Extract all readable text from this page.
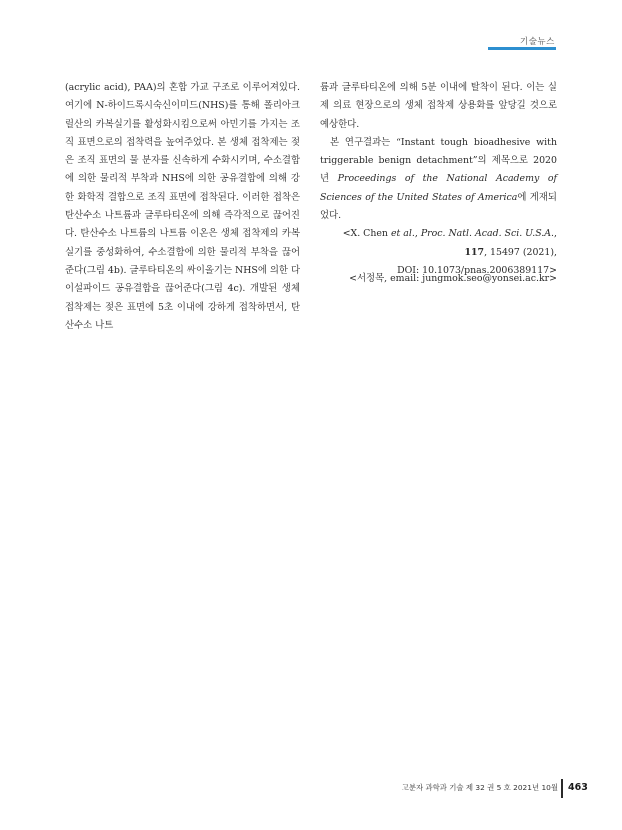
기술뉴스

(acrylic acid), PAA)의 혼합 가교 구조로 이루어져있다. 여기에 N-하이드록시숙신이미드(NHS)를 통해 폴리아크릴산의 카복실기를 활성화시킴으로써 아민기를 가지는 조직 표면으로의 접착력을 높여주었다. 본 생체 접착제는 젖은 조직 표면의 물 분자를 신속하게 수화시키며, 수소결합에 의한 물리적 부착과 NHS에 의한 공유결합에 의해 강한 화학적 결합으로 조직 표면에 접착된다. 이러한 접착은 탄산수소 나트륨과 글루타티온에 의해 즉각적으로 끊어진다. 탄산수소 나트륨의 나트륨 이온은 생체 접착제의 카복실기를 중성화하여, 수소결합에 의한 물리적 부착을 끊어준다(그림 4b). 글루타티온의 싸이올기는 NHS에 의한 다이설파이드 공유결합을 끊어준다(그림 4c). 개발된 생체 접착제는 젖은 표면에 5초 이내에 강하게 접착하면서, 탄산수소 나트

륨과 글루타티온에 의해 5분 이내에 탈착이 된다. 이는 실제 의료 현장으로의 생체 접착제 상용화를 앞당길 것으로 예상한다.

본 연구결과는 “Instant tough bioadhesive with triggerable benign detachment”의 제목으로 2020년 Proceedings of the National Academy of Sciences of the United States of America에 게재되었다.

<X. Chen et al., Proc. Natl. Acad. Sci. U.S.A., 117, 15497 (2021),

DOI: 10.1073/pnas.2006389117>

<서정목, email: jungmok.seo@yonsei.ac.kr>
고분자 과학과 기술 제 32 권 5 호 2021년 10월 463
